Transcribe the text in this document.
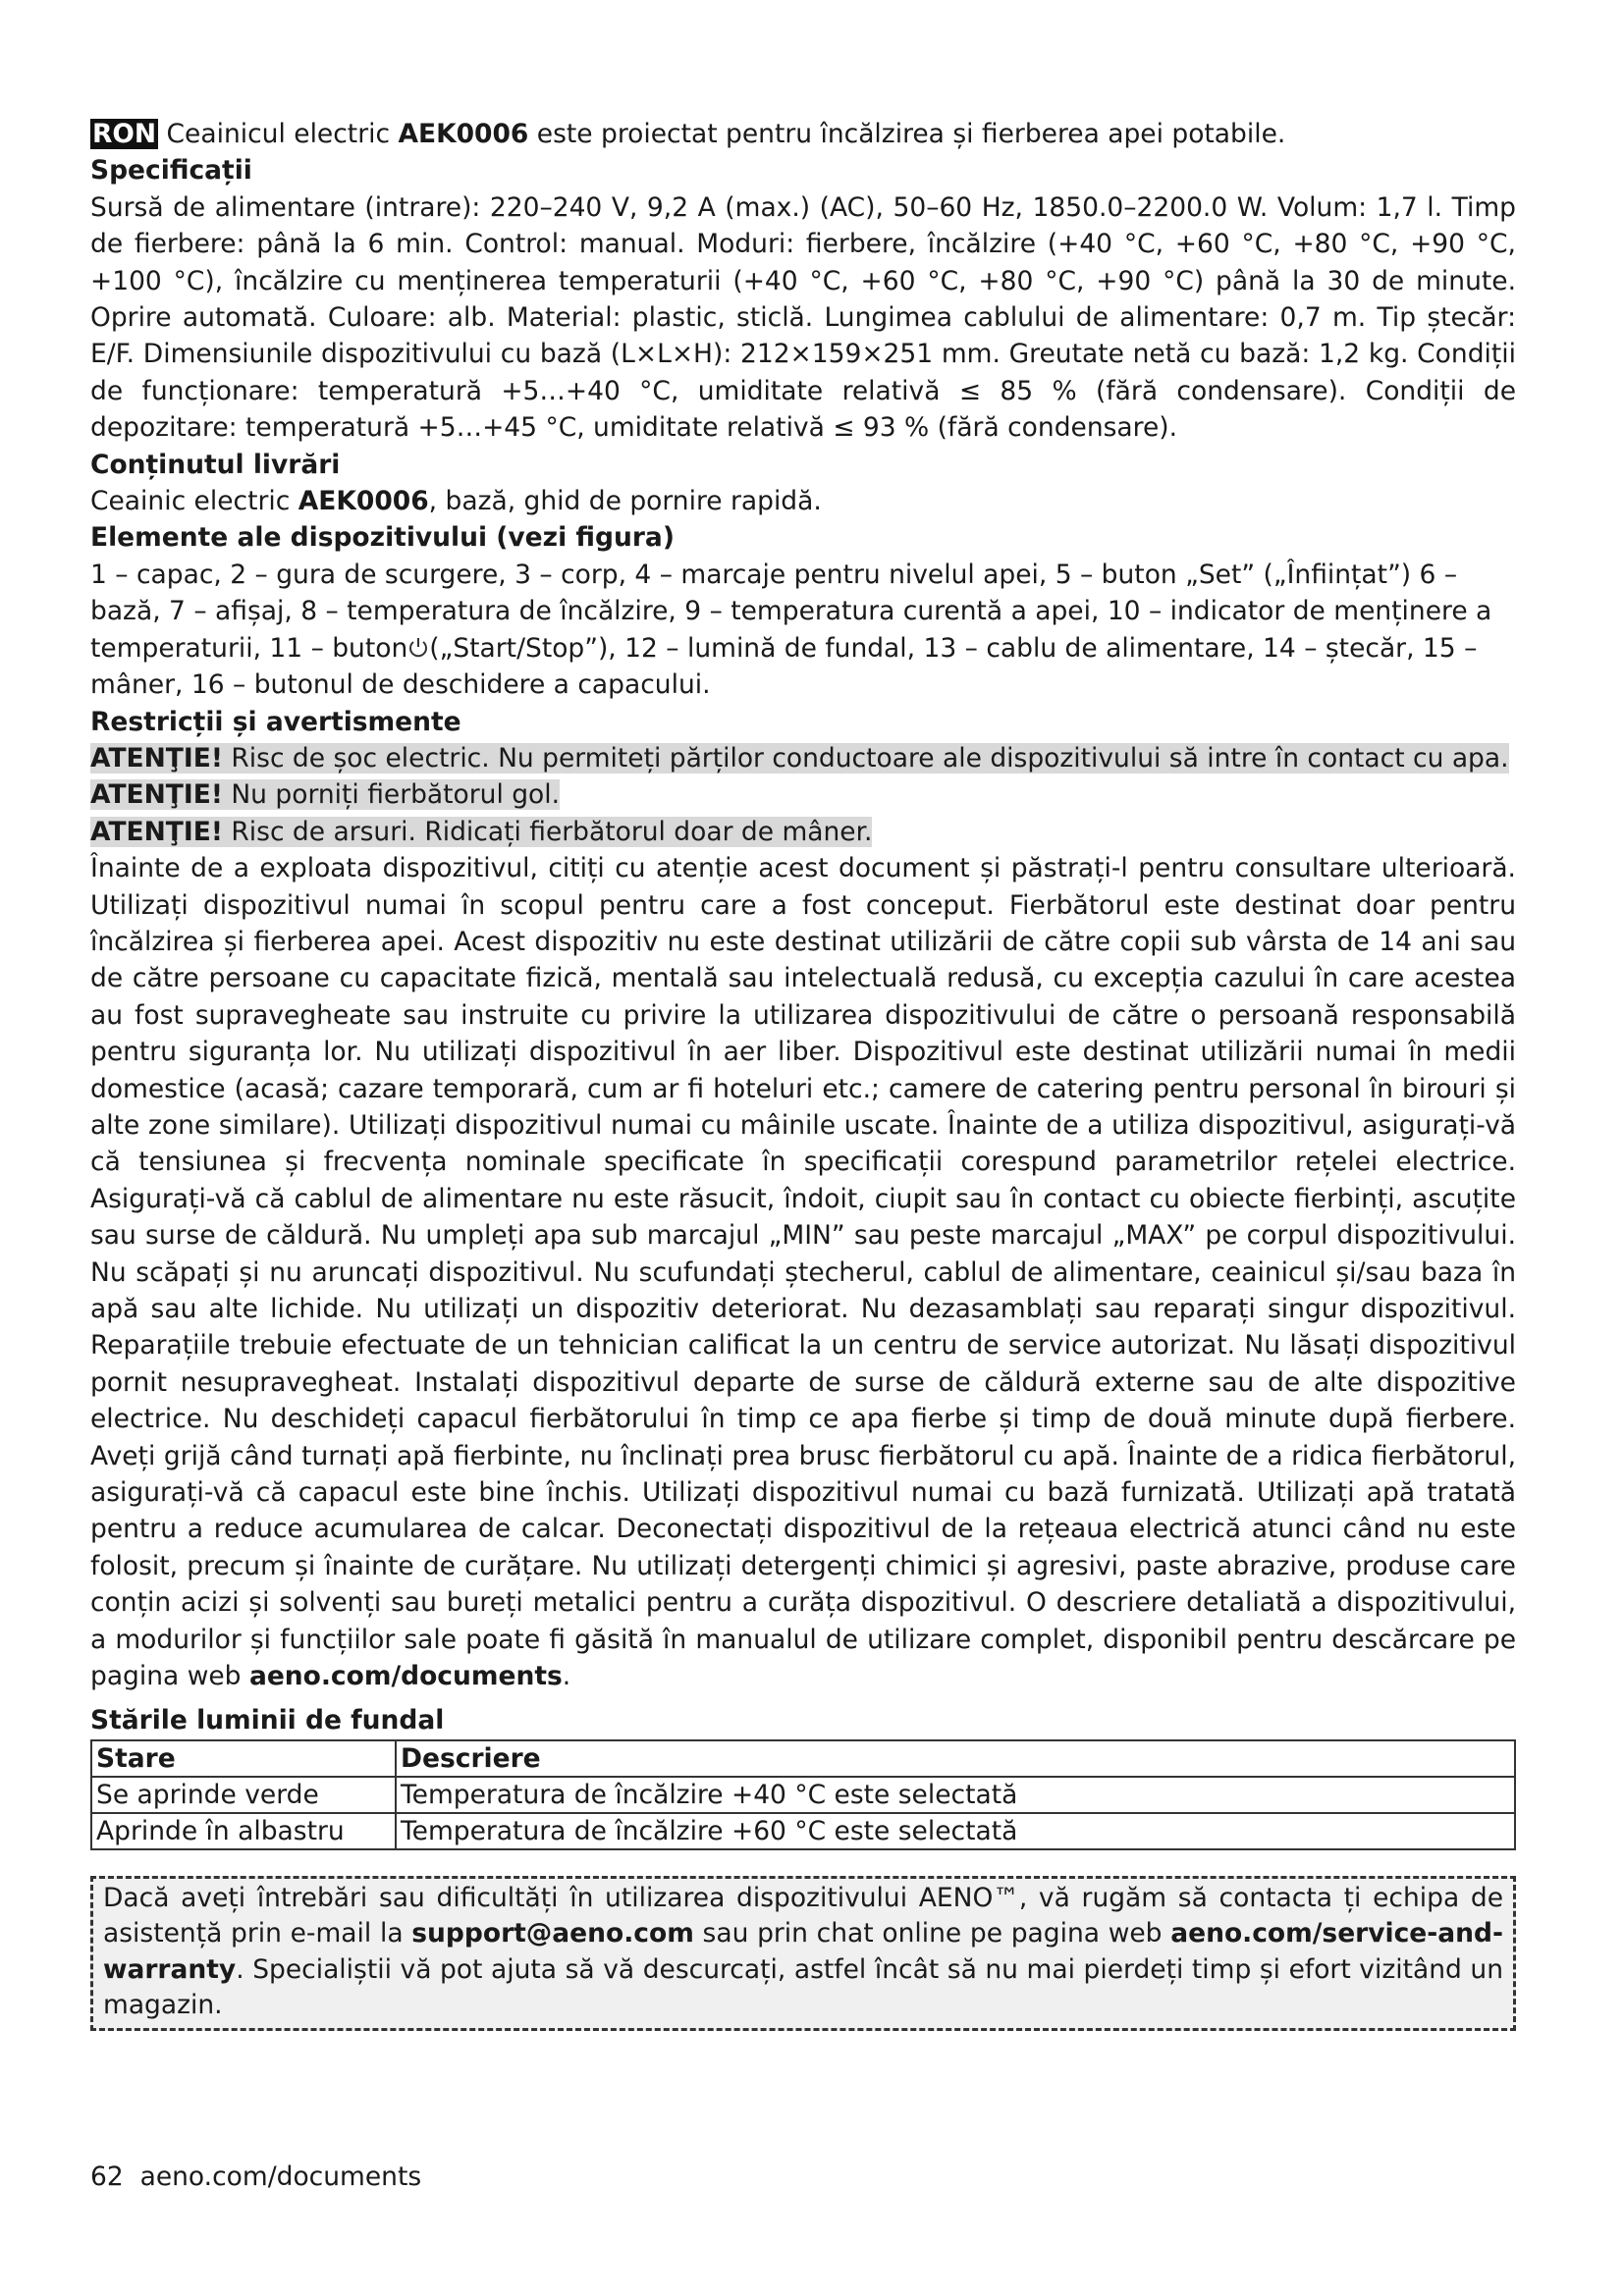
RON Ceainicul electric AEK0006 este proiectat pentru încălzirea și fierberea apei potabile.

Specificații

Sursă de alimentare (intrare): 220–240 V, 9,2 A (max.) (AC), 50–60 Hz, 1850.0–2200.0 W. Volum: 1,7 l. Timp de fierbere: până la 6 min. Control: manual. Moduri: fierbere, încălzire (+40 °C, +60 °C, +80 °C, +90 °C, +100 °C), încălzire cu menținerea temperaturii (+40 °C, +60 °C, +80 °C, +90 °C) până la 30 de minute. Oprire automată. Culoare: alb. Material: plastic, sticlă. Lungimea cablului de alimentare: 0,7 m. Tip ștecăr: E/F. Dimensiunile dispozitivului cu bază (L×L×H): 212×159×251 mm. Greutate netă cu bază: 1,2 kg. Condiții de funcționare: temperatură +5…+40 °C, umiditate relativă ≤ 85 % (fără condensare). Condiții de depozitare: temperatură +5…+45 °C, umiditate relativă ≤ 93 % (fără condensare).

Conținutul livrări

Ceainic electric AEK0006, bază, ghid de pornire rapidă.

Elemente ale dispozitivului (vezi figura)

1 – capac, 2 – gura de scurgere, 3 – corp, 4 – marcaje pentru nivelul apei, 5 – buton „Set” („Înființat”) 6 – bază, 7 – afișaj, 8 – temperatura de încălzire, 9 – temperatura curentă a apei, 10 – indicator de menținere a temperaturii, 11 – buton („Start/Stop”), 12 – lumină de fundal, 13 – cablu de alimentare, 14 – ștecăr, 15 – mâner, 16 – butonul de deschidere a capacului.

Restricții și avertismente

ATENŢIE! Risc de șoc electric. Nu permiteți părților conductoare ale dispozitivului să intre în contact cu apa.

ATENŢIE! Nu porniți fierbătorul gol.

ATENŢIE! Risc de arsuri. Ridicați fierbătorul doar de mâner.

Înainte de a exploata dispozitivul, citiți cu atenție acest document și păstrați-l pentru consultare ulterioară. Utilizați dispozitivul numai în scopul pentru care a fost conceput. Fierbătorul este destinat doar pentru încălzirea și fierberea apei. Acest dispozitiv nu este destinat utilizării de către copii sub vârsta de 14 ani sau de către persoane cu capacitate fizică, mentală sau intelectuală redusă, cu excepția cazului în care acestea au fost supravegheate sau instruite cu privire la utilizarea dispozitivului de către o persoană responsabilă pentru siguranța lor. Nu utilizați dispozitivul în aer liber. Dispozitivul este destinat utilizării numai în medii domestice (acasă; cazare temporară, cum ar fi hoteluri etc.; camere de catering pentru personal în birouri și alte zone similare). Utilizați dispozitivul numai cu mâinile uscate. Înainte de a utiliza dispozitivul, asigurați-vă că tensiunea și frecvența nominale specificate în specificații corespund parametrilor rețelei electrice. Asigurați-vă că cablul de alimentare nu este răsucit, îndoit, ciupit sau în contact cu obiecte fierbinți, ascuțite sau surse de căldură. Nu umpleți apa sub marcajul „MIN” sau peste marcajul „MAX” pe corpul dispozitivului. Nu scăpați și nu aruncați dispozitivul. Nu scufundați ștecherul, cablul de alimentare, ceainicul și/sau baza în apă sau alte lichide. Nu utilizați un dispozitiv deteriorat. Nu dezasamblați sau reparați singur dispozitivul. Reparațiile trebuie efectuate de un tehnician calificat la un centru de service autorizat. Nu lăsați dispozitivul pornit nesupravegheat. Instalați dispozitivul departe de surse de căldură externe sau de alte dispozitive electrice. Nu deschideți capacul fierbătorului în timp ce apa fierbe și timp de două minute după fierbere. Aveți grijă când turnați apă fierbinte, nu înclinați prea brusc fierbătorul cu apă. Înainte de a ridica fierbătorul, asigurați-vă că capacul este bine închis. Utilizați dispozitivul numai cu bază furnizată. Utilizați apă tratată pentru a reduce acumularea de calcar. Deconectați dispozitivul de la rețeaua electrică atunci când nu este folosit, precum și înainte de curățare. Nu utilizați detergenți chimici și agresivi, paste abrazive, produse care conțin acizi și solvenți sau bureți metalici pentru a curăța dispozitivul. O descriere detaliată a dispozitivului, a modurilor și funcțiilor sale poate fi găsită în manualul de utilizare complet, disponibil pentru descărcare pe pagina web aeno.com/documents.

Stările luminii de fundal
Stare	Descriere
Se aprinde verde	Temperatura de încălzire +40 °C este selectată
Aprinde în albastru	Temperatura de încălzire +60 °C este selectată
Dacă aveți întrebări sau dificultăți în utilizarea dispozitivului AENO™, vă rugăm să contacta ți echipa de asistență prin e-mail la support@aeno.com sau prin chat online pe pagina web aeno.com/service-and-warranty. Specialiștii vă pot ajuta să vă descurcați, astfel încât să nu mai pierdeți timp și efort vizitând un magazin.
62 aeno.com/documents
